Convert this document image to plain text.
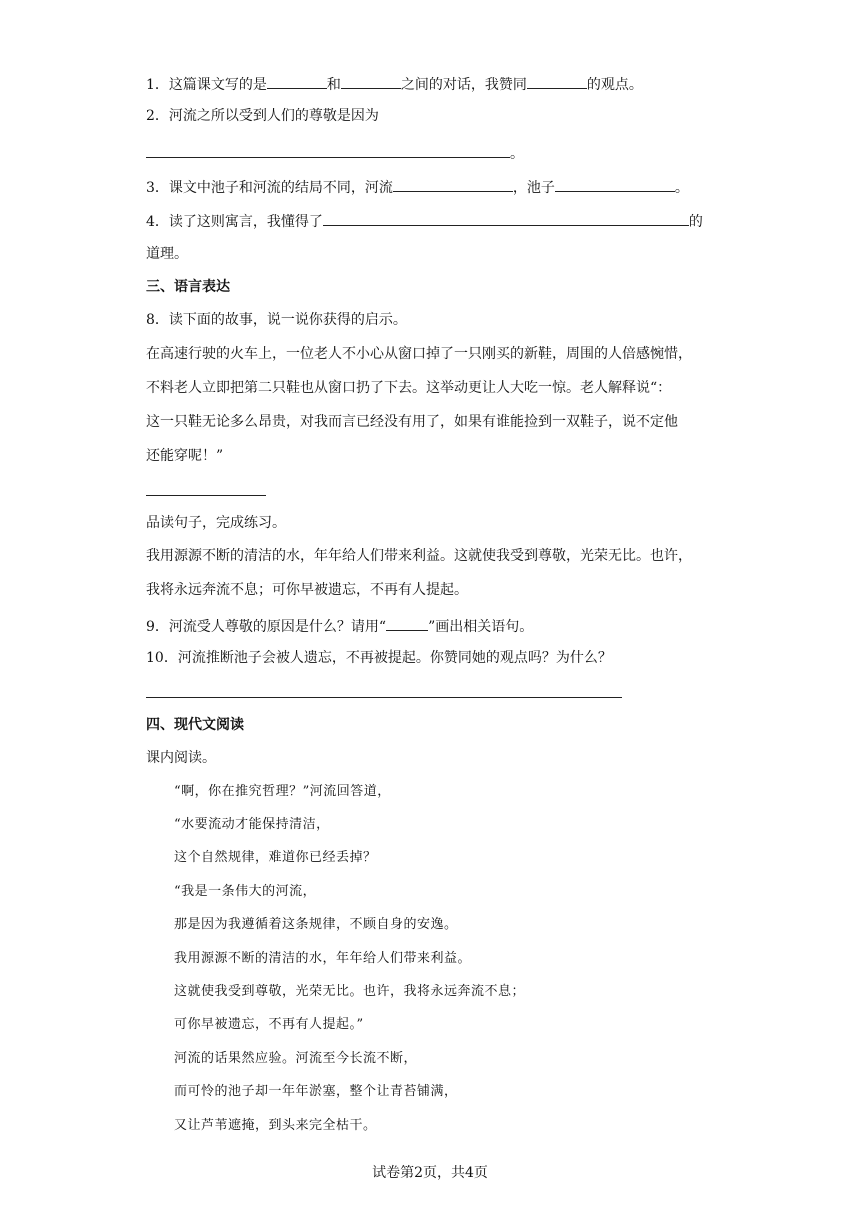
1．这篇课文写的是	和	之间的对话，我赞同	的观点。
2．河流之所以受到人们的尊敬是因为
。
3．课文中池子和河流的结局不同，河流	，池子	。
4．读了这则寓言，我懂得了	的
道理。
三、语言表达
8．读下面的故事，说一说你获得的启示。
在高速行驶的火车上，一位老人不小心从窗口掉了一只刚买的新鞋，周围的人倍感惋惜，
不料老人立即把第二只鞋也从窗口扔了下去。这举动更让人大吃一惊。老人解释说“：
这一只鞋无论多么昂贵，对我而言已经没有用了，如果有谁能捡到一双鞋子，说不定他
还能穿呢！”
品读句子，完成练习。
我用源源不断的清洁的水，年年给人们带来利益。这就使我受到尊敬，光荣无比。也许，
我将永远奔流不息；可你早被遗忘，不再有人提起。
9．河流受人尊敬的原因是什么？请用“	”画出相关语句。
10．河流推断池子会被人遗忘，不再被提起。你赞同她的观点吗？为什么？
四、现代文阅读
课内阅读。
“啊，你在推究哲理？”河流回答道，
“水要流动才能保持清洁，
这个自然规律，难道你已经丢掉？
“我是一条伟大的河流，
那是因为我遵循着这条规律，不顾自身的安逸。
我用源源不断的清洁的水，年年给人们带来利益。
这就使我受到尊敬，光荣无比。也许，我将永远奔流不息；
可你早被遗忘，不再有人提起。”
河流的话果然应验。河流至今长流不断，
而可怜的池子却一年年淤塞，整个让青苔铺满，
又让芦苇遮掩，到头来完全枯干。
试卷第2页，共4页
